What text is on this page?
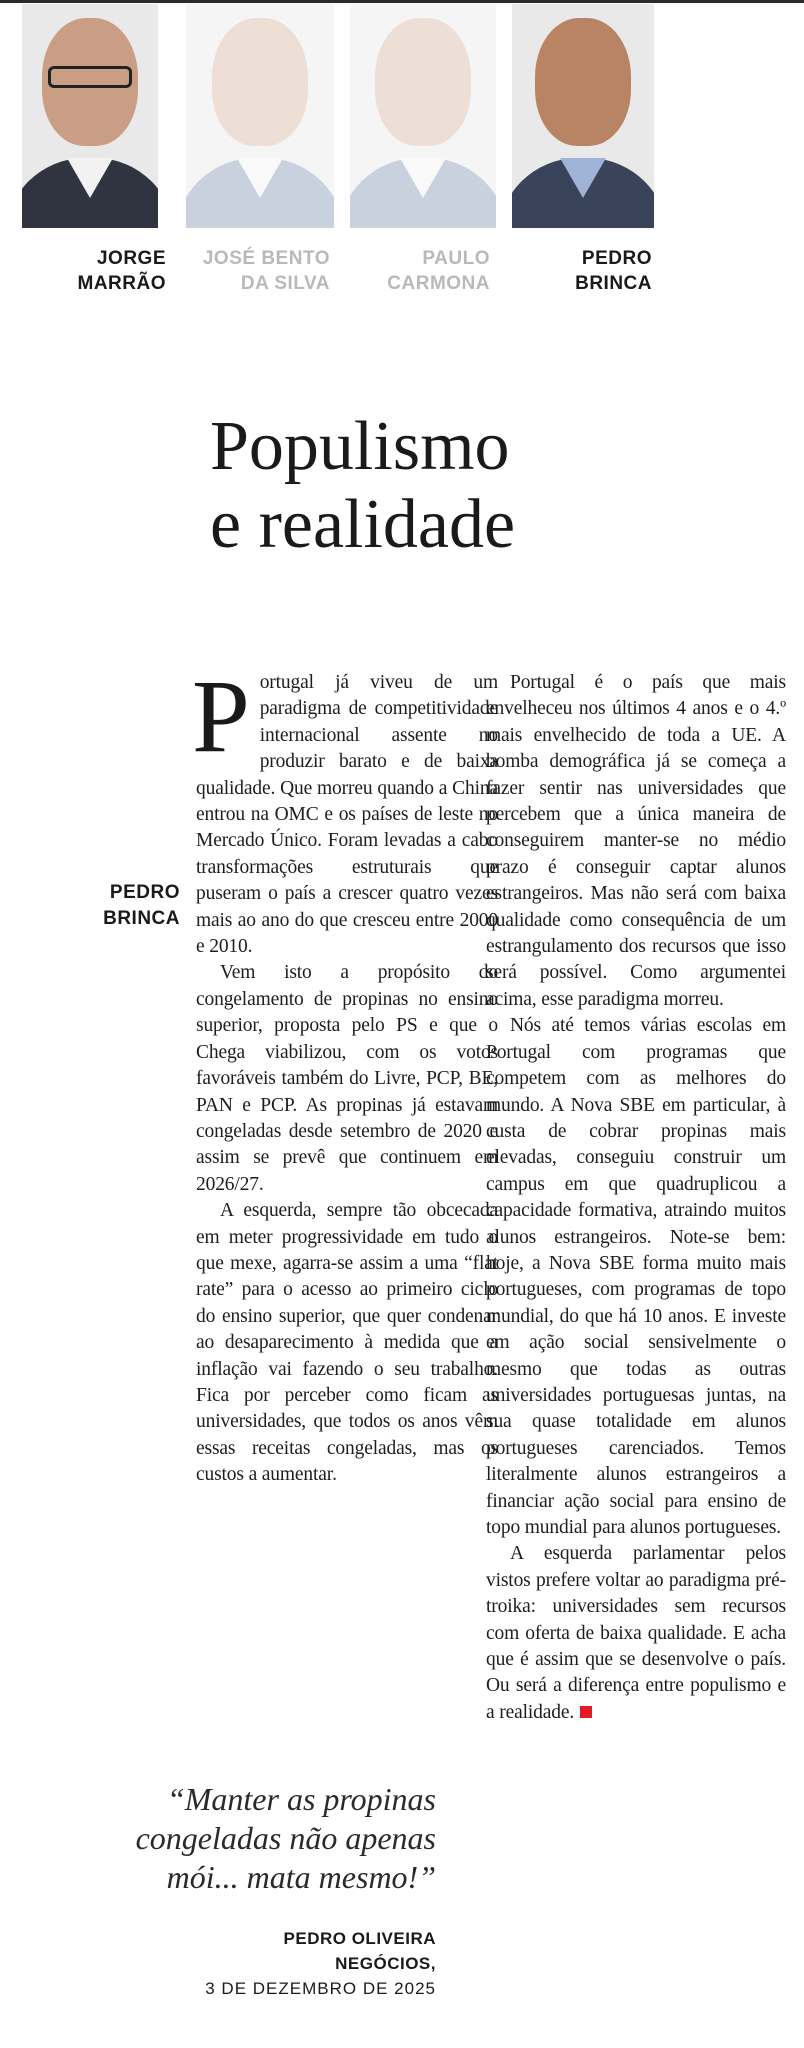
JORGE
MARRÃO
JOSÉ BENTO
DA SILVA
PAULO
CARMONA
PEDRO
BRINCA
Populismo
e realidade
PEDRO
BRINCA

Portugal já viveu de um paradigma de competitividade internacional assente no produzir barato e de baixa qualidade. Que morreu quando a China entrou na OMC e os países de leste no Mercado Único. Foram levadas a cabo transformações estruturais que puseram o país a crescer quatro vezes mais ao ano do que cresceu entre 2000 e 2010.

Vem isto a propósito do congelamento de propinas no ensino superior, proposta pelo PS e que o Chega viabilizou, com os votos favoráveis também do Livre, PCP, BE, PAN e PCP. As propinas já estavam congeladas desde setembro de 2020 e assim se prevê que continuem em 2026/27.

A esquerda, sempre tão obcecada em meter progressividade em tudo o que mexe, agarra-se assim a uma “flat rate” para o acesso ao primeiro ciclo do ensino superior, que quer condenar ao desaparecimento à medida que a inflação vai fazendo o seu trabalho. Fica por perceber como ficam as universidades, que todos os anos vêm essas receitas congeladas, mas os custos a aumentar.

Portugal é o país que mais envelheceu nos últimos 4 anos e o 4.º mais envelhecido de toda a UE. A bomba demográfica já se começa a fazer sentir nas universidades que percebem que a única maneira de conseguirem manter-se no médio prazo é conseguir captar alunos estrangeiros. Mas não será com baixa qualidade como consequência de um estrangulamento dos recursos que isso será possível. Como argumentei acima, esse paradigma morreu.

Nós até temos várias escolas em Portugal com programas que competem com as melhores do mundo. A Nova SBE em particular, à custa de cobrar propinas mais elevadas, conseguiu construir um campus em que quadruplicou a capacidade formativa, atraindo muitos alunos estrangeiros. Note-se bem: hoje, a Nova SBE forma muito mais portugueses, com programas de topo mundial, do que há 10 anos. E investe em ação social sensivelmente o mesmo que todas as outras universidades portuguesas juntas, na sua quase totalidade em alunos portugueses carenciados. Temos literalmente alunos estrangeiros a financiar ação social para ensino de topo mundial para alunos portugueses.

A esquerda parlamentar pelos vistos prefere voltar ao paradigma pré-troika: universidades sem recursos com oferta de baixa qualidade. E acha que é assim que se desenvolve o país. Ou será a diferença entre populismo e a realidade.

“Manter as propinas congeladas não apenas mói... mata mesmo!”
PEDRO OLIVEIRA
NEGÓCIOS,
3 DE DEZEMBRO DE 2025
